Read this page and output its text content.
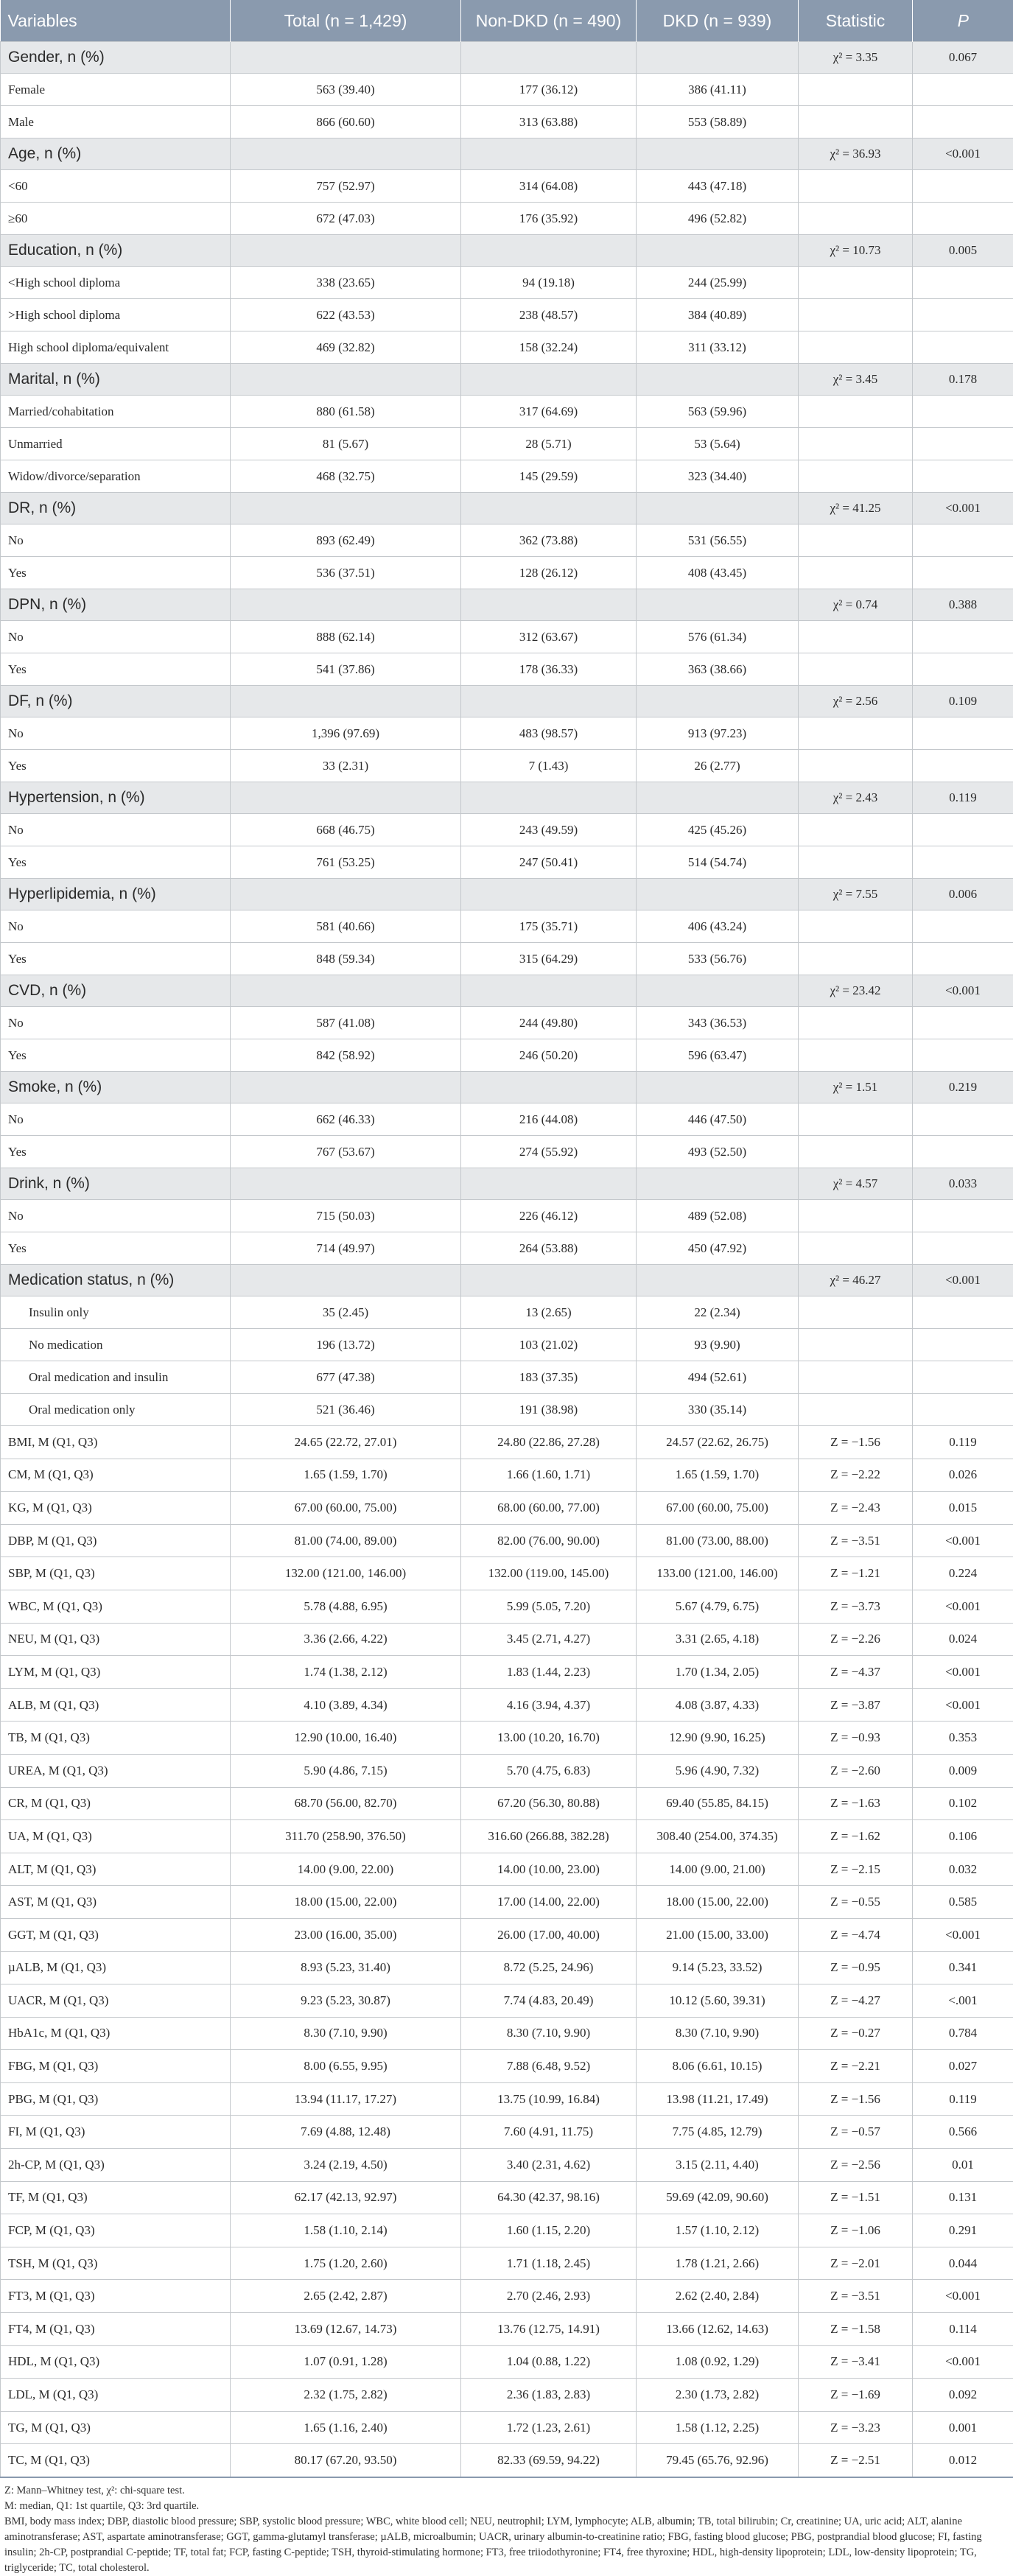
Variables	Total (n = 1,429)	Non-DKD (n = 490)	DKD (n = 939)	Statistic	P
Gender, n (%)				χ² = 3.35	0.067
Female	563 (39.40)	177 (36.12)	386 (41.11)		
Male	866 (60.60)	313 (63.88)	553 (58.89)		
Age, n (%)				χ² = 36.93	<0.001
<60	757 (52.97)	314 (64.08)	443 (47.18)		
≥60	672 (47.03)	176 (35.92)	496 (52.82)		
Education, n (%)				χ² = 10.73	0.005
<High school diploma	338 (23.65)	94 (19.18)	244 (25.99)		
>High school diploma	622 (43.53)	238 (48.57)	384 (40.89)		
High school diploma/equivalent	469 (32.82)	158 (32.24)	311 (33.12)		
Marital, n (%)				χ² = 3.45	0.178
Married/cohabitation	880 (61.58)	317 (64.69)	563 (59.96)		
Unmarried	81 (5.67)	28 (5.71)	53 (5.64)		
Widow/divorce/separation	468 (32.75)	145 (29.59)	323 (34.40)		
DR, n (%)				χ² = 41.25	<0.001
No	893 (62.49)	362 (73.88)	531 (56.55)		
Yes	536 (37.51)	128 (26.12)	408 (43.45)		
DPN, n (%)				χ² = 0.74	0.388
No	888 (62.14)	312 (63.67)	576 (61.34)		
Yes	541 (37.86)	178 (36.33)	363 (38.66)		
DF, n (%)				χ² = 2.56	0.109
No	1,396 (97.69)	483 (98.57)	913 (97.23)		
Yes	33 (2.31)	7 (1.43)	26 (2.77)		
Hypertension, n (%)				χ² = 2.43	0.119
No	668 (46.75)	243 (49.59)	425 (45.26)		
Yes	761 (53.25)	247 (50.41)	514 (54.74)		
Hyperlipidemia, n (%)				χ² = 7.55	0.006
No	581 (40.66)	175 (35.71)	406 (43.24)		
Yes	848 (59.34)	315 (64.29)	533 (56.76)		
CVD, n (%)				χ² = 23.42	<0.001
No	587 (41.08)	244 (49.80)	343 (36.53)		
Yes	842 (58.92)	246 (50.20)	596 (63.47)		
Smoke, n (%)				χ² = 1.51	0.219
No	662 (46.33)	216 (44.08)	446 (47.50)		
Yes	767 (53.67)	274 (55.92)	493 (52.50)		
Drink, n (%)				χ² = 4.57	0.033
No	715 (50.03)	226 (46.12)	489 (52.08)		
Yes	714 (49.97)	264 (53.88)	450 (47.92)		
Medication status, n (%)				χ² = 46.27	<0.001
Insulin only	35 (2.45)	13 (2.65)	22 (2.34)		
No medication	196 (13.72)	103 (21.02)	93 (9.90)		
Oral medication and insulin	677 (47.38)	183 (37.35)	494 (52.61)		
Oral medication only	521 (36.46)	191 (38.98)	330 (35.14)		
BMI, M (Q1, Q3)	24.65 (22.72, 27.01)	24.80 (22.86, 27.28)	24.57 (22.62, 26.75)	Z = −1.56	0.119
CM, M (Q1, Q3)	1.65 (1.59, 1.70)	1.66 (1.60, 1.71)	1.65 (1.59, 1.70)	Z = −2.22	0.026
KG, M (Q1, Q3)	67.00 (60.00, 75.00)	68.00 (60.00, 77.00)	67.00 (60.00, 75.00)	Z = −2.43	0.015
DBP, M (Q1, Q3)	81.00 (74.00, 89.00)	82.00 (76.00, 90.00)	81.00 (73.00, 88.00)	Z = −3.51	<0.001
SBP, M (Q1, Q3)	132.00 (121.00, 146.00)	132.00 (119.00, 145.00)	133.00 (121.00, 146.00)	Z = −1.21	0.224
WBC, M (Q1, Q3)	5.78 (4.88, 6.95)	5.99 (5.05, 7.20)	5.67 (4.79, 6.75)	Z = −3.73	<0.001
NEU, M (Q1, Q3)	3.36 (2.66, 4.22)	3.45 (2.71, 4.27)	3.31 (2.65, 4.18)	Z = −2.26	0.024
LYM, M (Q1, Q3)	1.74 (1.38, 2.12)	1.83 (1.44, 2.23)	1.70 (1.34, 2.05)	Z = −4.37	<0.001
ALB, M (Q1, Q3)	4.10 (3.89, 4.34)	4.16 (3.94, 4.37)	4.08 (3.87, 4.33)	Z = −3.87	<0.001
TB, M (Q1, Q3)	12.90 (10.00, 16.40)	13.00 (10.20, 16.70)	12.90 (9.90, 16.25)	Z = −0.93	0.353
UREA, M (Q1, Q3)	5.90 (4.86, 7.15)	5.70 (4.75, 6.83)	5.96 (4.90, 7.32)	Z = −2.60	0.009
CR, M (Q1, Q3)	68.70 (56.00, 82.70)	67.20 (56.30, 80.88)	69.40 (55.85, 84.15)	Z = −1.63	0.102
UA, M (Q1, Q3)	311.70 (258.90, 376.50)	316.60 (266.88, 382.28)	308.40 (254.00, 374.35)	Z = −1.62	0.106
ALT, M (Q1, Q3)	14.00 (9.00, 22.00)	14.00 (10.00, 23.00)	14.00 (9.00, 21.00)	Z = −2.15	0.032
AST, M (Q1, Q3)	18.00 (15.00, 22.00)	17.00 (14.00, 22.00)	18.00 (15.00, 22.00)	Z = −0.55	0.585
GGT, M (Q1, Q3)	23.00 (16.00, 35.00)	26.00 (17.00, 40.00)	21.00 (15.00, 33.00)	Z = −4.74	<0.001
µALB, M (Q1, Q3)	8.93 (5.23, 31.40)	8.72 (5.25, 24.96)	9.14 (5.23, 33.52)	Z = −0.95	0.341
UACR, M (Q1, Q3)	9.23 (5.23, 30.87)	7.74 (4.83, 20.49)	10.12 (5.60, 39.31)	Z = −4.27	<.001
HbA1c, M (Q1, Q3)	8.30 (7.10, 9.90)	8.30 (7.10, 9.90)	8.30 (7.10, 9.90)	Z = −0.27	0.784
FBG, M (Q1, Q3)	8.00 (6.55, 9.95)	7.88 (6.48, 9.52)	8.06 (6.61, 10.15)	Z = −2.21	0.027
PBG, M (Q1, Q3)	13.94 (11.17, 17.27)	13.75 (10.99, 16.84)	13.98 (11.21, 17.49)	Z = −1.56	0.119
FI, M (Q1, Q3)	7.69 (4.88, 12.48)	7.60 (4.91, 11.75)	7.75 (4.85, 12.79)	Z = −0.57	0.566
2h-CP, M (Q1, Q3)	3.24 (2.19, 4.50)	3.40 (2.31, 4.62)	3.15 (2.11, 4.40)	Z = −2.56	0.01
TF, M (Q1, Q3)	62.17 (42.13, 92.97)	64.30 (42.37, 98.16)	59.69 (42.09, 90.60)	Z = −1.51	0.131
FCP, M (Q1, Q3)	1.58 (1.10, 2.14)	1.60 (1.15, 2.20)	1.57 (1.10, 2.12)	Z = −1.06	0.291
TSH, M (Q1, Q3)	1.75 (1.20, 2.60)	1.71 (1.18, 2.45)	1.78 (1.21, 2.66)	Z = −2.01	0.044
FT3, M (Q1, Q3)	2.65 (2.42, 2.87)	2.70 (2.46, 2.93)	2.62 (2.40, 2.84)	Z = −3.51	<0.001
FT4, M (Q1, Q3)	13.69 (12.67, 14.73)	13.76 (12.75, 14.91)	13.66 (12.62, 14.63)	Z = −1.58	0.114
HDL, M (Q1, Q3)	1.07 (0.91, 1.28)	1.04 (0.88, 1.22)	1.08 (0.92, 1.29)	Z = −3.41	<0.001
LDL, M (Q1, Q3)	2.32 (1.75, 2.82)	2.36 (1.83, 2.83)	2.30 (1.73, 2.82)	Z = −1.69	0.092
TG, M (Q1, Q3)	1.65 (1.16, 2.40)	1.72 (1.23, 2.61)	1.58 (1.12, 2.25)	Z = −3.23	0.001
TC, M (Q1, Q3)	80.17 (67.20, 93.50)	82.33 (69.59, 94.22)	79.45 (65.76, 92.96)	Z = −2.51	0.012

Z: Mann–Whitney test, χ²: chi-square test.

M: median, Q1: 1st quartile, Q3: 3rd quartile.

BMI, body mass index; DBP, diastolic blood pressure; SBP, systolic blood pressure; WBC, white blood cell; NEU, neutrophil; LYM, lymphocyte; ALB, albumin; TB, total bilirubin; Cr, creatinine; UA, uric acid; ALT, alanine aminotransferase; AST, aspartate aminotransferase; GGT, gamma-glutamyl transferase; µALB, microalbumin; UACR, urinary albumin-to-creatinine ratio; FBG, fasting blood glucose; PBG, postprandial blood glucose; FI, fasting insulin; 2h-CP, postprandial C-peptide; TF, total fat; FCP, fasting C-peptide; TSH, thyroid-stimulating hormone; FT3, free triiodothyronine; FT4, free thyroxine; HDL, high-density lipoprotein; LDL, low-density lipoprotein; TG, triglyceride; TC, total cholesterol.
